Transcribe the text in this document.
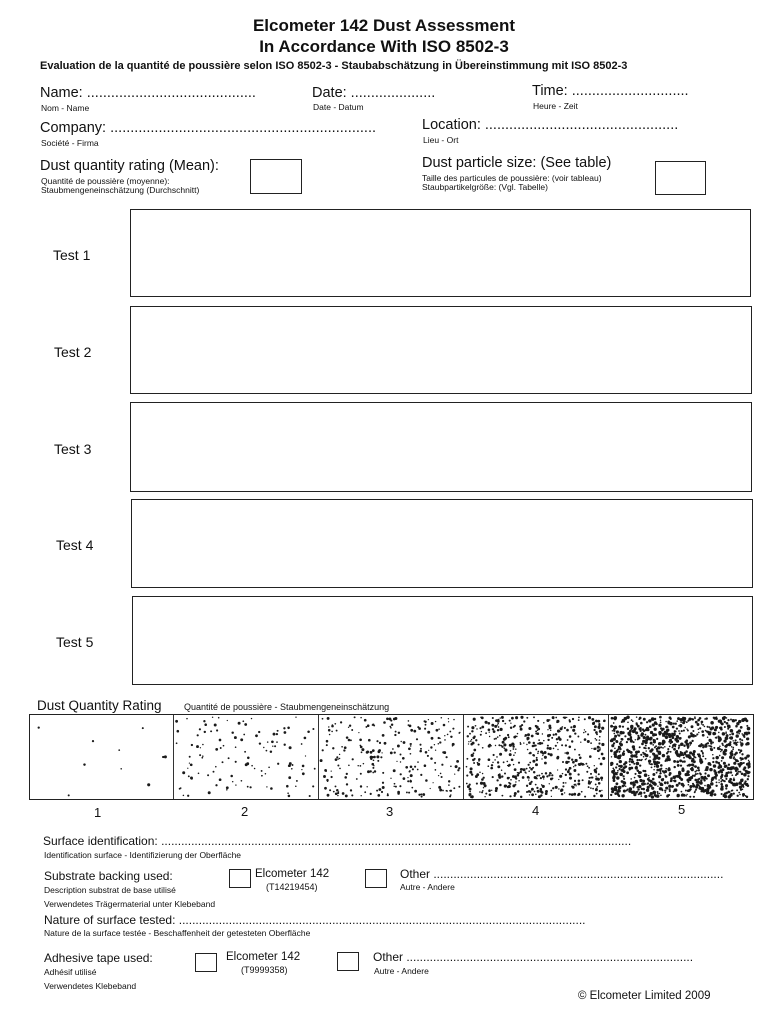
Elcometer 142 Dust Assessment
In Accordance With ISO 8502-3
Evaluation de la quantité de poussière selon ISO 8502-3 - Staubabschätzung in Übereinstimmung mit ISO 8502-3
Name: ..........................................
Nom - Name
Date: .....................
Date - Datum
Time: .............................
Heure - Zeit
Company: ..................................................................
Société - Firma
Location: ................................................
Lieu - Ort
Dust quantity rating (Mean):
Quantité de poussière (moyenne):
Staubmengeneinschätzung (Durchschnitt)
Dust particle size: (See table)
Taille des particules de poussière: (voir tableau)
Staubpartikelgröße: (Vgl. Tabelle)
Test 1
Test 2
Test 3
Test 4
Test 5
Dust Quantity Rating Quantité de poussière - Staubmengeneinschätzung
1	2	3	4	5
Surface identification: .............................................................................................................................................
Identification surface - Identifizierung der Oberfläche
Substrate backing used:
Description substrat de base utilisé
Verwendetes Trägermaterial unter Klebeband
Elcometer 142
(T14219454)
Other .......................................................................................
Autre - Andere
Nature of surface tested: ..........................................................................................................................
Nature de la surface testée - Beschaffenheit der getesteten Oberfläche
Adhesive tape used:
Adhésif utilisé
Verwendetes Klebeband
Elcometer 142
(T9999358)
Other ......................................................................................
Autre - Andere
© Elcometer Limited 2009
